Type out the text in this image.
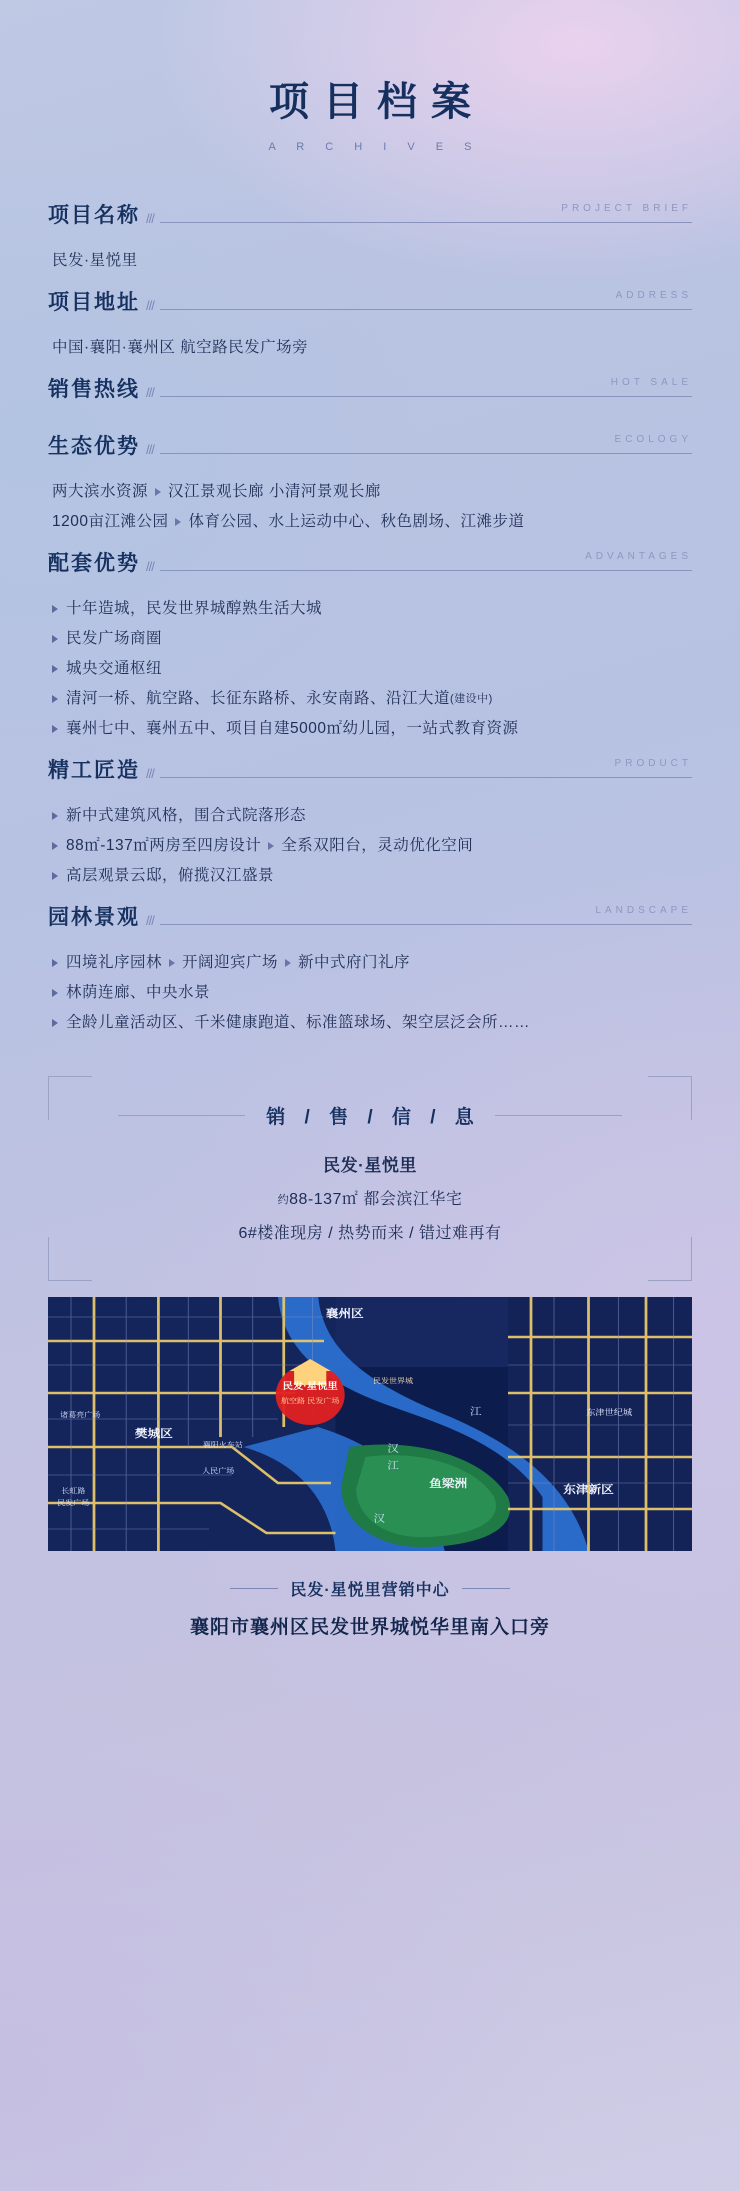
项目档案
A R C H I V E S
项目名称 ///
PROJECT BRIEF
民发·星悦里
项目地址 ///
ADDRESS
中国·襄阳·襄州区 航空路民发广场旁
销售热线 ///
HOT SALE
生态优势 ///
ECOLOGY
两大滨水资源 汉江景观长廊 小清河景观长廊
1200亩江滩公园 体育公园、水上运动中心、秋色剧场、江滩步道
配套优势 ///
ADVANTAGES
十年造城，民发世界城醇熟生活大城
民发广场商圈
城央交通枢纽
清河一桥、航空路、长征东路桥、永安南路、沿江大道 (建设中)
襄州七中、襄州五中、项目自建5000㎡幼儿园，一站式教育资源
精工匠造 ///
PRODUCT
新中式建筑风格，围合式院落形态
88㎡-137㎡两房至四房设计 全系双阳台，灵动优化空间
高层观景云邸，俯揽汉江盛景
园林景观 ///
LANDSCAPE
四境礼序园林 开阔迎宾广场 新中式府门礼序
林荫连廊、中央水景
全龄儿童活动区、千米健康跑道、标准篮球场、架空层泛会所……
销 / 售 / 信 / 息
民发·星悦里
$^约$88-137㎡ 都会滨江华宅
6#楼准现房 / 热势而来 / 错过难再有
襄州区
樊城区
鱼梁洲
东津世纪城
东津新区
汉
江
汉
江
民发·星悦里
航空路 民发广场
民发世界城
诸葛亮广场
襄阳火车站
人民广场
长虹路
民发广场
民发·星悦里营销中心
襄阳市襄州区民发世界城悦华里南入口旁
